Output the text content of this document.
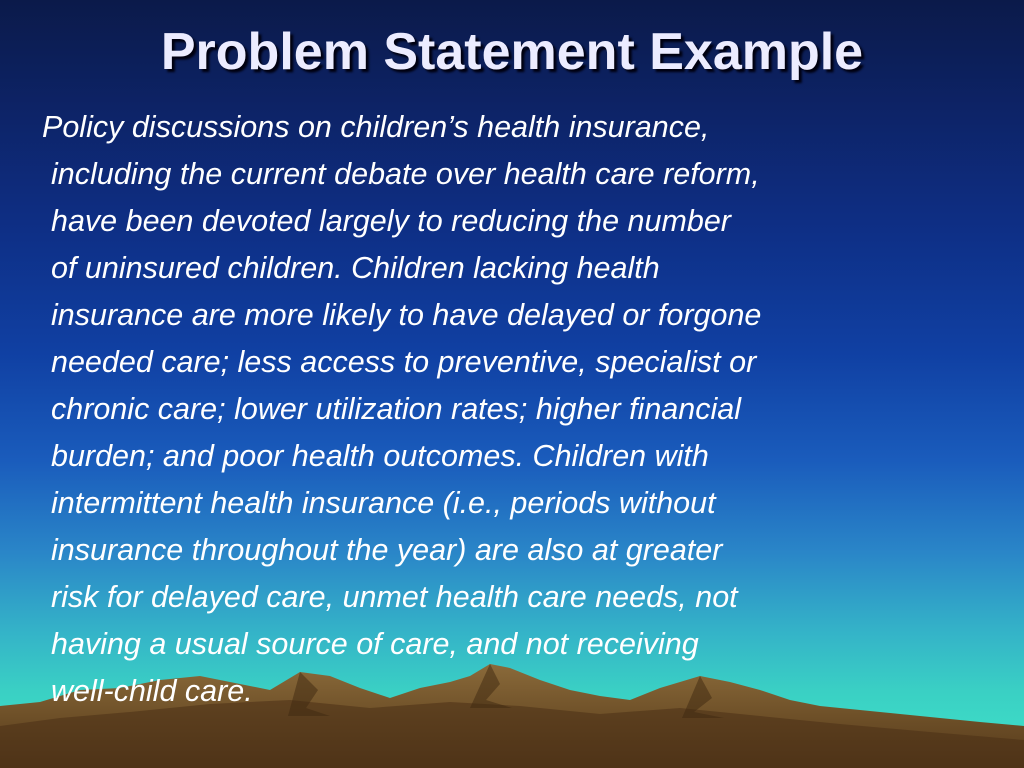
Problem Statement Example
Policy discussions on children’s health insurance,
including the current debate over health care reform,
have been devoted largely to reducing the number
of uninsured children. Children lacking health
insurance are more likely to have delayed or forgone
needed care; less access to preventive, specialist or
chronic care; lower utilization rates; higher financial
burden; and poor health outcomes. Children with
intermittent health insurance (i.e., periods without
insurance throughout the year) are also at greater
risk for delayed care, unmet health care needs, not
having a usual source of care, and not receiving
well-child care.
